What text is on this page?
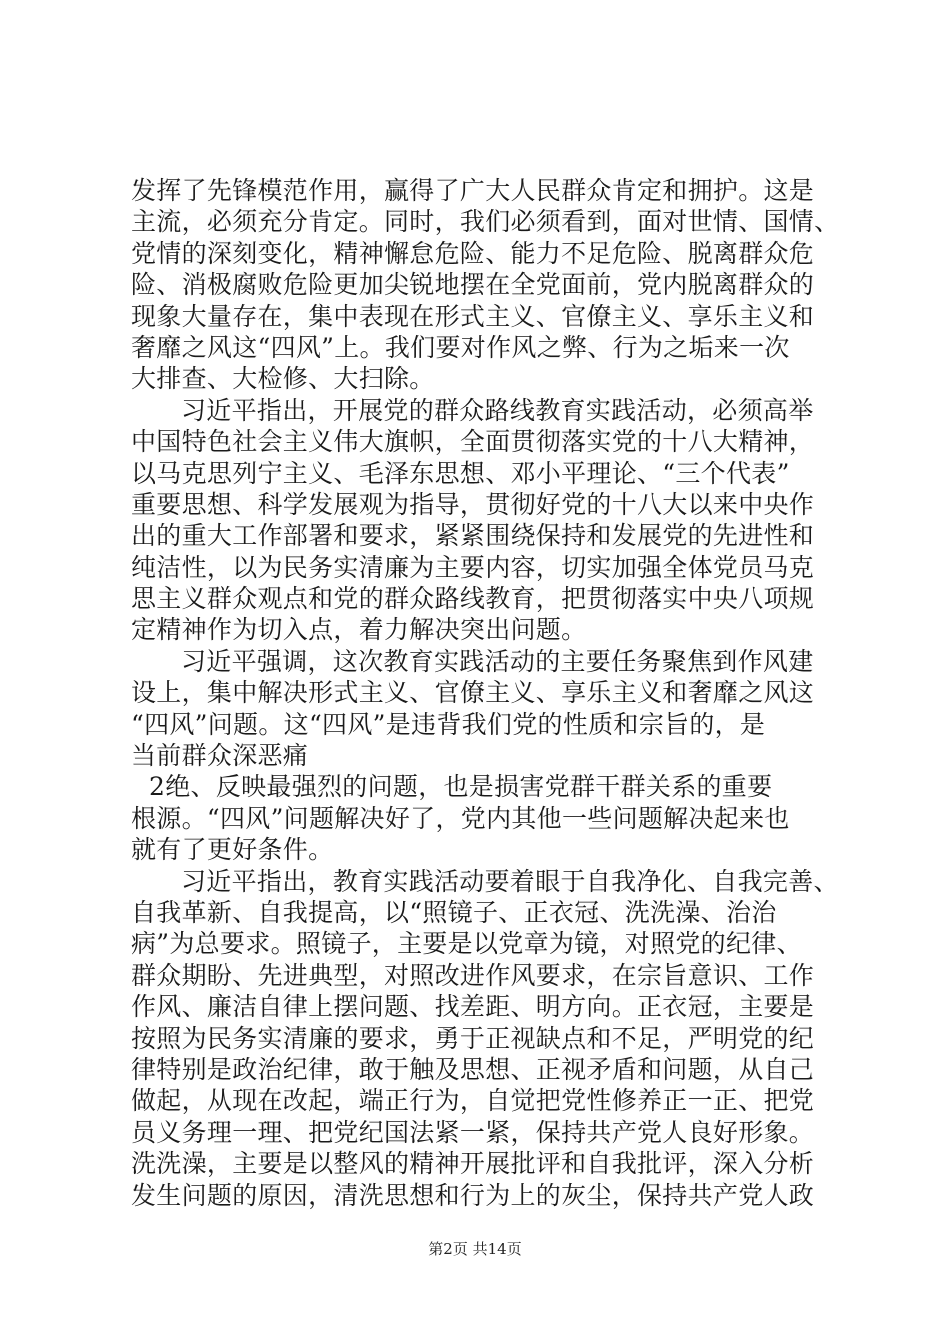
发挥了先锋模范作用，赢得了广大人民群众肯定和拥护。这是
主流，必须充分肯定。同时，我们必须看到，面对世情、国情、
党情的深刻变化，精神懈怠危险、能力不足危险、脱离群众危
险、消极腐败危险更加尖锐地摆在全党面前，党内脱离群众的
现象大量存在，集中表现在形式主义、官僚主义、享乐主义和
奢靡之风这“四风”上。我们要对作风之弊、行为之垢来一次
大排查、大检修、大扫除。
习近平指出，开展党的群众路线教育实践活动，必须高举
中国特色社会主义伟大旗帜，全面贯彻落实党的十八大精神，
以马克思列宁主义、毛泽东思想、邓小平理论、“三个代表”
重要思想、科学发展观为指导，贯彻好党的十八大以来中央作
出的重大工作部署和要求，紧紧围绕保持和发展党的先进性和
纯洁性，以为民务实清廉为主要内容，切实加强全体党员马克
思主义群众观点和党的群众路线教育，把贯彻落实中央八项规
定精神作为切入点，着力解决突出问题。
习近平强调，这次教育实践活动的主要任务聚焦到作风建
设上，集中解决形式主义、官僚主义、享乐主义和奢靡之风这
“四风”问题。这“四风”是违背我们党的性质和宗旨的，是
当前群众深恶痛
2绝、反映最强烈的问题，也是损害党群干群关系的重要
根源。“四风”问题解决好了，党内其他一些问题解决起来也
就有了更好条件。
习近平指出，教育实践活动要着眼于自我净化、自我完善、
自我革新、自我提高，以“照镜子、正衣冠、洗洗澡、治治
病”为总要求。照镜子，主要是以党章为镜，对照党的纪律、
群众期盼、先进典型，对照改进作风要求，在宗旨意识、工作
作风、廉洁自律上摆问题、找差距、明方向。正衣冠，主要是
按照为民务实清廉的要求，勇于正视缺点和不足，严明党的纪
律特别是政治纪律，敢于触及思想、正视矛盾和问题，从自己
做起，从现在改起，端正行为，自觉把党性修养正一正、把党
员义务理一理、把党纪国法紧一紧，保持共产党人良好形象。
洗洗澡，主要是以整风的精神开展批评和自我批评，深入分析
发生问题的原因，清洗思想和行为上的灰尘，保持共产党人政
第2页 共14页
